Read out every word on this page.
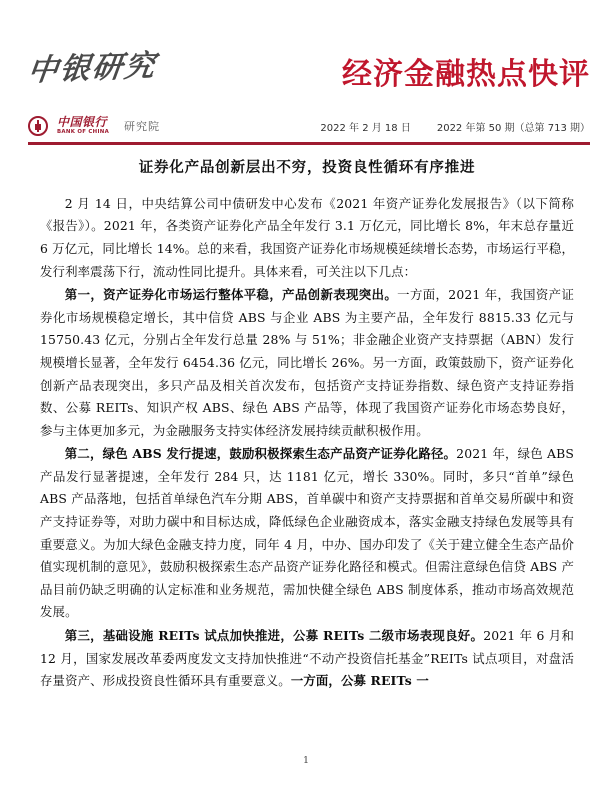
中银研究	经济金融热点快评
中国银行
BANK OF CHINA 研究院	2022 年 2 月 18 日	2022 年第 50 期（总第 713 期）
证券化产品创新层出不穷，投资良性循环有序推进

2 月 14 日，中央结算公司中债研发中心发布《2021 年资产证券化发展报告》（以下简称《报告》）。2021 年，各类资产证券化产品全年发行 3.1 万亿元，同比增长 8%，年末总存量近 6 万亿元，同比增长 14%。总的来看，我国资产证券化市场规模延续增长态势，市场运行平稳，发行利率震荡下行，流动性同比提升。具体来看，可关注以下几点：

第一，资产证券化市场运行整体平稳，产品创新表现突出。一方面，2021 年，我国资产证券化市场规模稳定增长，其中信贷 ABS 与企业 ABS 为主要产品，全年发行 8815.33 亿元与 15750.43 亿元，分别占全年发行总量 28% 与 51%；非金融企业资产支持票据（ABN）发行规模增长显著，全年发行 6454.36 亿元，同比增长 26%。另一方面，政策鼓励下，资产证券化创新产品表现突出，多只产品及相关首次发布，包括资产支持证券指数、绿色资产支持证券指数、公募 REITs、知识产权 ABS、绿色 ABS 产品等，体现了我国资产证券化市场态势良好，参与主体更加多元，为金融服务支持实体经济发展持续贡献积极作用。

第二，绿色 ABS 发行提速，鼓励积极探索生态产品资产证券化路径。2021 年，绿色 ABS 产品发行显著提速，全年发行 284 只，达 1181 亿元，增长 330%。同时，多只“首单”绿色 ABS 产品落地，包括首单绿色汽车分期 ABS，首单碳中和资产支持票据和首单交易所碳中和资产支持证券等，对助力碳中和目标达成，降低绿色企业融资成本，落实金融支持绿色发展等具有重要意义。为加大绿色金融支持力度，同年 4 月，中办、国办印发了《关于建立健全生态产品价值实现机制的意见》，鼓励积极探索生态产品资产证券化路径和模式。但需注意绿色信贷 ABS 产品目前仍缺乏明确的认定标准和业务规范，需加快健全绿色 ABS 制度体系，推动市场高效规范发展。

第三，基础设施 REITs 试点加快推进，公募 REITs 二级市场表现良好。2021 年 6 月和 12 月，国家发展改革委两度发文支持加快推进“不动产投资信托基金”REITs 试点项目，对盘活存量资产、形成投资良性循环具有重要意义。一方面，公募 REITs 一

1
